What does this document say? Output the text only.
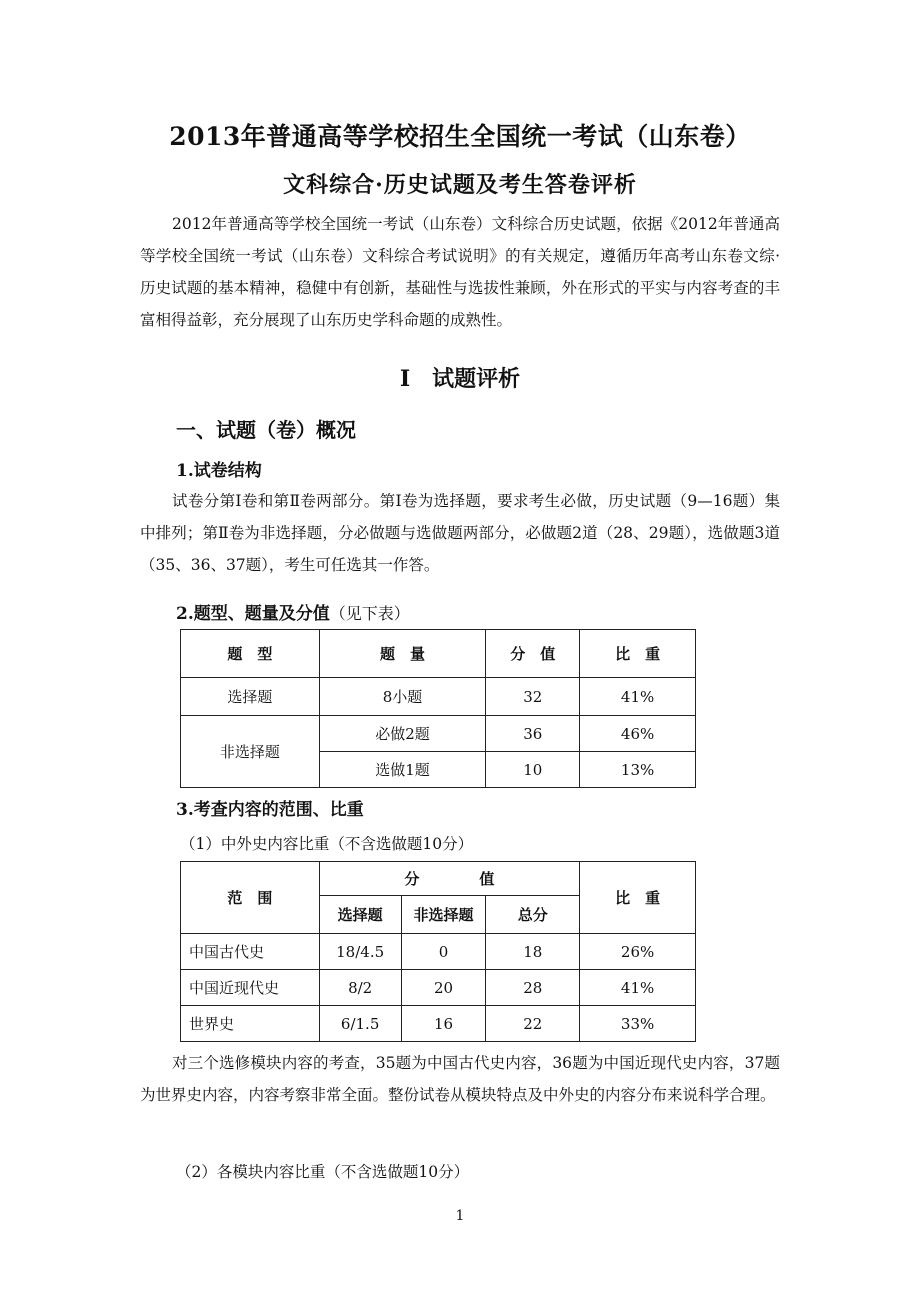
2013年普通高等学校招生全国统一考试（山东卷）
文科综合·历史试题及考生答卷评析
2012年普通高等学校全国统一考试（山东卷）文科综合历史试题，依据《2012年普通高等学校全国统一考试（山东卷）文科综合考试说明》的有关规定，遵循历年高考山东卷文综·历史试题的基本精神，稳健中有创新，基础性与选拔性兼顾，外在形式的平实与内容考查的丰富相得益彰，充分展现了山东历史学科命题的成熟性。
Ⅰ　试题评析
一、试题（卷）概况
1.试卷结构
试卷分第Ⅰ卷和第Ⅱ卷两部分。第Ⅰ卷为选择题，要求考生必做，历史试题（9—16题）集中排列；第Ⅱ卷为非选择题，分必做题与选做题两部分，必做题2道（28、29题），选做题3道（35、36、37题），考生可任选其一作答。
2.题型、题量及分值（见下表）
题　型	题　量	分　值	比　重
选择题	8小题	32	41%
非选择题	必做2题	36	46%
	选做1题	10	13%
3.考查内容的范围、比重
（1）中外史内容比重（不含选做题10分）
范　围	分　　　　值			比　重
	选择题	非选择题	总分	
中国古代史	18/4.5	0	18	26%
中国近现代史	8/2	20	28	41%
世界史	6/1.5	16	22	33%
对三个选修模块内容的考查，35题为中国古代史内容，36题为中国近现代史内容，37题为世界史内容，内容考察非常全面。整份试卷从模块特点及中外史的内容分布来说科学合理。
（2）各模块内容比重（不含选做题10分）
1
